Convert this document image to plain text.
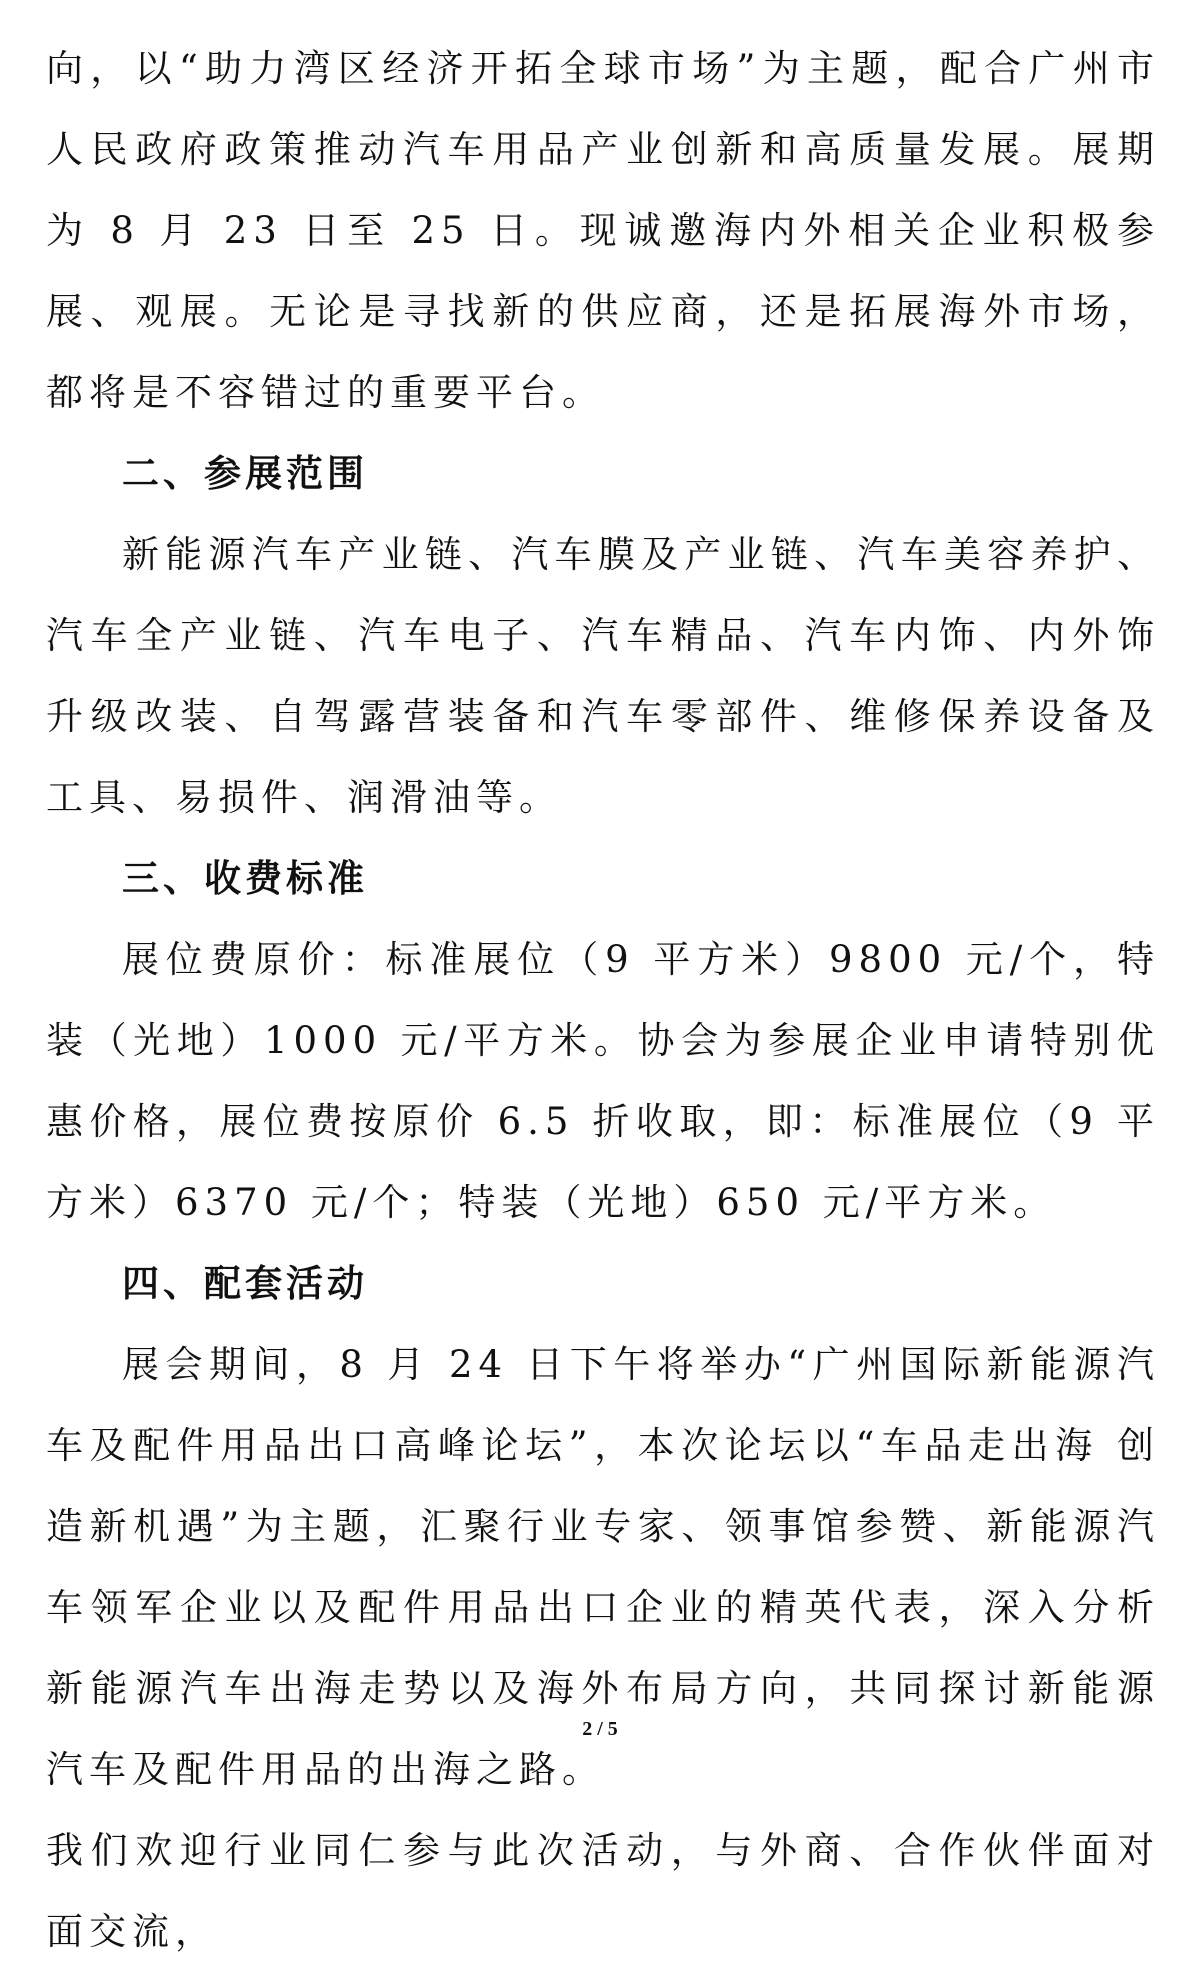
向，以“助力湾区经济开拓全球市场”为主题，配合广州市人民政府政策推动汽车用品产业创新和高质量发展。展期为 8 月 23 日至 25 日。现诚邀海内外相关企业积极参展、观展。无论是寻找新的供应商，还是拓展海外市场，都将是不容错过的重要平台。

二、参展范围

新能源汽车产业链、汽车膜及产业链、汽车美容养护、汽车全产业链、汽车电子、汽车精品、汽车内饰、内外饰升级改装、自驾露营装备和汽车零部件、维修保养设备及工具、易损件、润滑油等。

三、收费标准

展位费原价：标准展位（9 平方米）9800 元/个，特装（光地）1000 元/平方米。协会为参展企业申请特别优惠价格，展位费按原价 6.5 折收取，即：标准展位（9 平方米）6370 元/个；特装（光地）650 元/平方米。

四、配套活动

展会期间，8 月 24 日下午将举办“广州国际新能源汽车及配件用品出口高峰论坛”，本次论坛以“车品走出海 创造新机遇”为主题，汇聚行业专家、领事馆参赞、新能源汽车领军企业以及配件用品出口企业的精英代表，深入分析新能源汽车出海走势以及海外布局方向，共同探讨新能源汽车及配件用品的出海之路。

我们欢迎行业同仁参与此次活动，与外商、合作伙伴面对面交流，

2 / 5
